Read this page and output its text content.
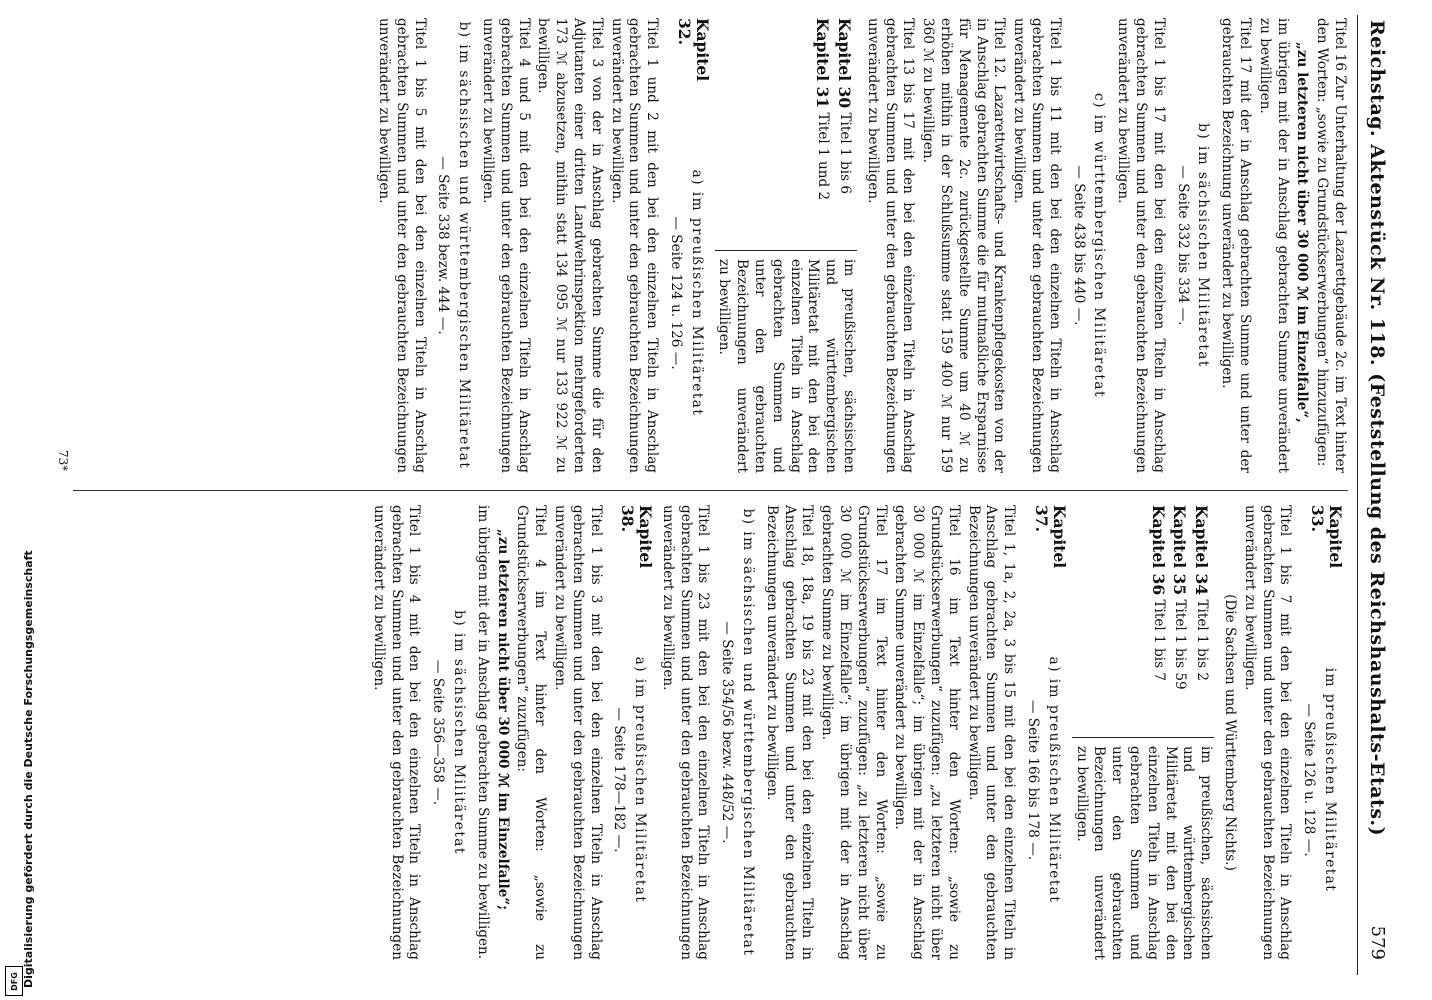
Digitalisierung gefördert durch die Deutsche Forschungsgemeinschaft
DFG
Reichstag. Aktenstück Nr. 118. (Feststellung des Reichshaushalts-Etats.)
579

Titel 16 Zur Unterhaltung der Lazarettgebäude 2c. im Text hinter den Worten: „sowie zu Grundstückserwerbungen“ hinzuzufügen:

„zu letzteren nicht über 30 000 ℳ im Einzelfalle“,

im übrigen mit der in Anschlag gebrachten Summe unverändert zu bewilligen.

Titel 17 mit der in Anschlag gebrachten Summe und unter der gebrauchten Bezeichnung unverändert zu bewilligen.

b) im sächsischen Militäretat
— Seite 332 bis 334 —.

Titel 1 bis 17 mit den bei den einzelnen Titeln in Anschlag gebrachten Summen und unter den gebrauchten Bezeichnungen unverändert zu bewilligen.

c) im württembergischen Militäretat
— Seite 438 bis 440 —.

Titel 1 bis 11 mit den bei den einzelnen Titeln in Anschlag gebrachten Summen und unter den gebrauchten Bezeichnungen unverändert zu bewilligen.

Titel 12. Lazarettwirtschafts- und Krankenpflegekosten von der in Anschlag gebrachten Summe die für mutmaßliche Ersparnisse für Menagemente 2c. zurückgestellte Summe um 40 ℳ zu erhöhen mithin in der Schlußsumme statt 159 400 ℳ nur 159 360 ℳ zu bewilligen.

Titel 13 bis 17 mit den bei den einzelnen Titeln in Anschlag gebrachten Summen und unter den gebrauchten Bezeichnungen unverändert zu bewilligen.

Kapitel 30

Titel 1 bis 6
Kapitel 31

Titel 1 und 2
im preußischen, sächsischen und württembergischen Militäretat mit den bei den einzelnen Titeln in Anschlag gebrachten Summen und unter den gebrauchten Bezeichnungen unverändert zu bewilligen.
Kapitel 32.
a) im preußischen Militäretat
— Seite 124 u. 126 —.

Titel 1 und 2 mit den bei den einzelnen Titeln in Anschlag gebrachten Summen und unter den gebrauchten Bezeichnungen unverändert zu bewilligen.

Titel 3 von der in Anschlag gebrachten Summe die für den Adjutanten einer dritten Landwehrinspektion mehrgeforderten 173 ℳ abzusetzen, mithin statt 134 095 ℳ nur 133 922 ℳ zu bewilligen.

Titel 4 und 5 mit den bei den einzelnen Titeln in Anschlag gebrachten Summen und unter den gebrauchten Bezeichnungen unverändert zu bewilligen.

b) im sächsischen und württembergischen Militäretat
— Seite 338 bezw. 444 —.

Titel 1 bis 5 mit den bei den einzelnen Titeln in Anschlag gebrachten Summen und unter den gebrauchten Bezeichnungen unverändert zu bewilligen.

Kapitel 33.
im preußischen Militäretat
— Seite 126 u. 128 —.

Titel 1 bis 7 mit den bei den einzelnen Titeln in Anschlag gebrachten Summen und unter den gebrauchten Bezeichnungen unverändert zu bewilligen.

(Die Sachsen und Württemberg Nichts.)
Kapitel 34

Titel 1 bis 2
Kapitel 35

Titel 1 bis 59
Kapitel 36

Titel 1 bis 7
im preußischen, sächsischen und württembergischen Militäretat mit den bei den einzelnen Titeln in Anschlag gebrachten Summen und unter den gebrauchten Bezeichnungen unverändert zu bewilligen.
Kapitel 37.
a) im preußischen Militäretat
— Seite 166 bis 178 —.

Titel 1, 1a, 2, 2a, 3 bis 15 mit den bei den einzelnen Titeln in Anschlag gebrachten Summen und unter den gebrauchten Bezeichnungen unverändert zu bewilligen.

Titel 16 im Text hinter den Worten: „sowie zu Grundstückserwerbungen“ zuzufügen: „zu letzteren nicht über 30 000 ℳ im Einzelfalle“; im übrigen mit der in Anschlag gebrachten Summe unverändert zu bewilligen.

Titel 17 im Text hinter den Worten: „sowie zu Grundstückserwerbungen“ zuzufügen: „zu letzteren nicht über 30 000 ℳ im Einzelfalle“; im übrigen mit der in Anschlag gebrachten Summe zu bewilligen.

Titel 18, 18a, 19 bis 23 mit den bei den einzelnen Titeln in Anschlag gebrachten Summen und unter den gebrauchten Bezeichnungen unverändert zu bewilligen.

b) im sächsischen und württembergischen Militäretat
— Seite 354/56 bezw. 448/52 —.

Titel 1 bis 23 mit den bei den einzelnen Titeln in Anschlag gebrachten Summen und unter den gebrauchten Bezeichnungen unverändert zu bewilligen.

Kapitel 38.
a) im preußischen Militäretat
— Seite 178—182 —.

Titel 1 bis 3 mit den bei den einzelnen Titeln in Anschlag gebrachten Summen und unter den gebrauchten Bezeichnungen unverändert zu bewilligen.

Titel 4 im Text hinter den Worten: „sowie zu Grundstückserwerbungen“ zuzufügen:

„zu letzteren nicht über 30 000 ℳ im Einzelfalle“;

im übrigen mit der in Anschlag gebrachten Summe zu bewilligen.

b) im sächsischen Militäretat
— Seite 356—358 —.

Titel 1 bis 4 mit den bei den einzelnen Titeln in Anschlag gebrachten Summen und unter den gebrauchten Bezeichnungen unverändert zu bewilligen.

73*
